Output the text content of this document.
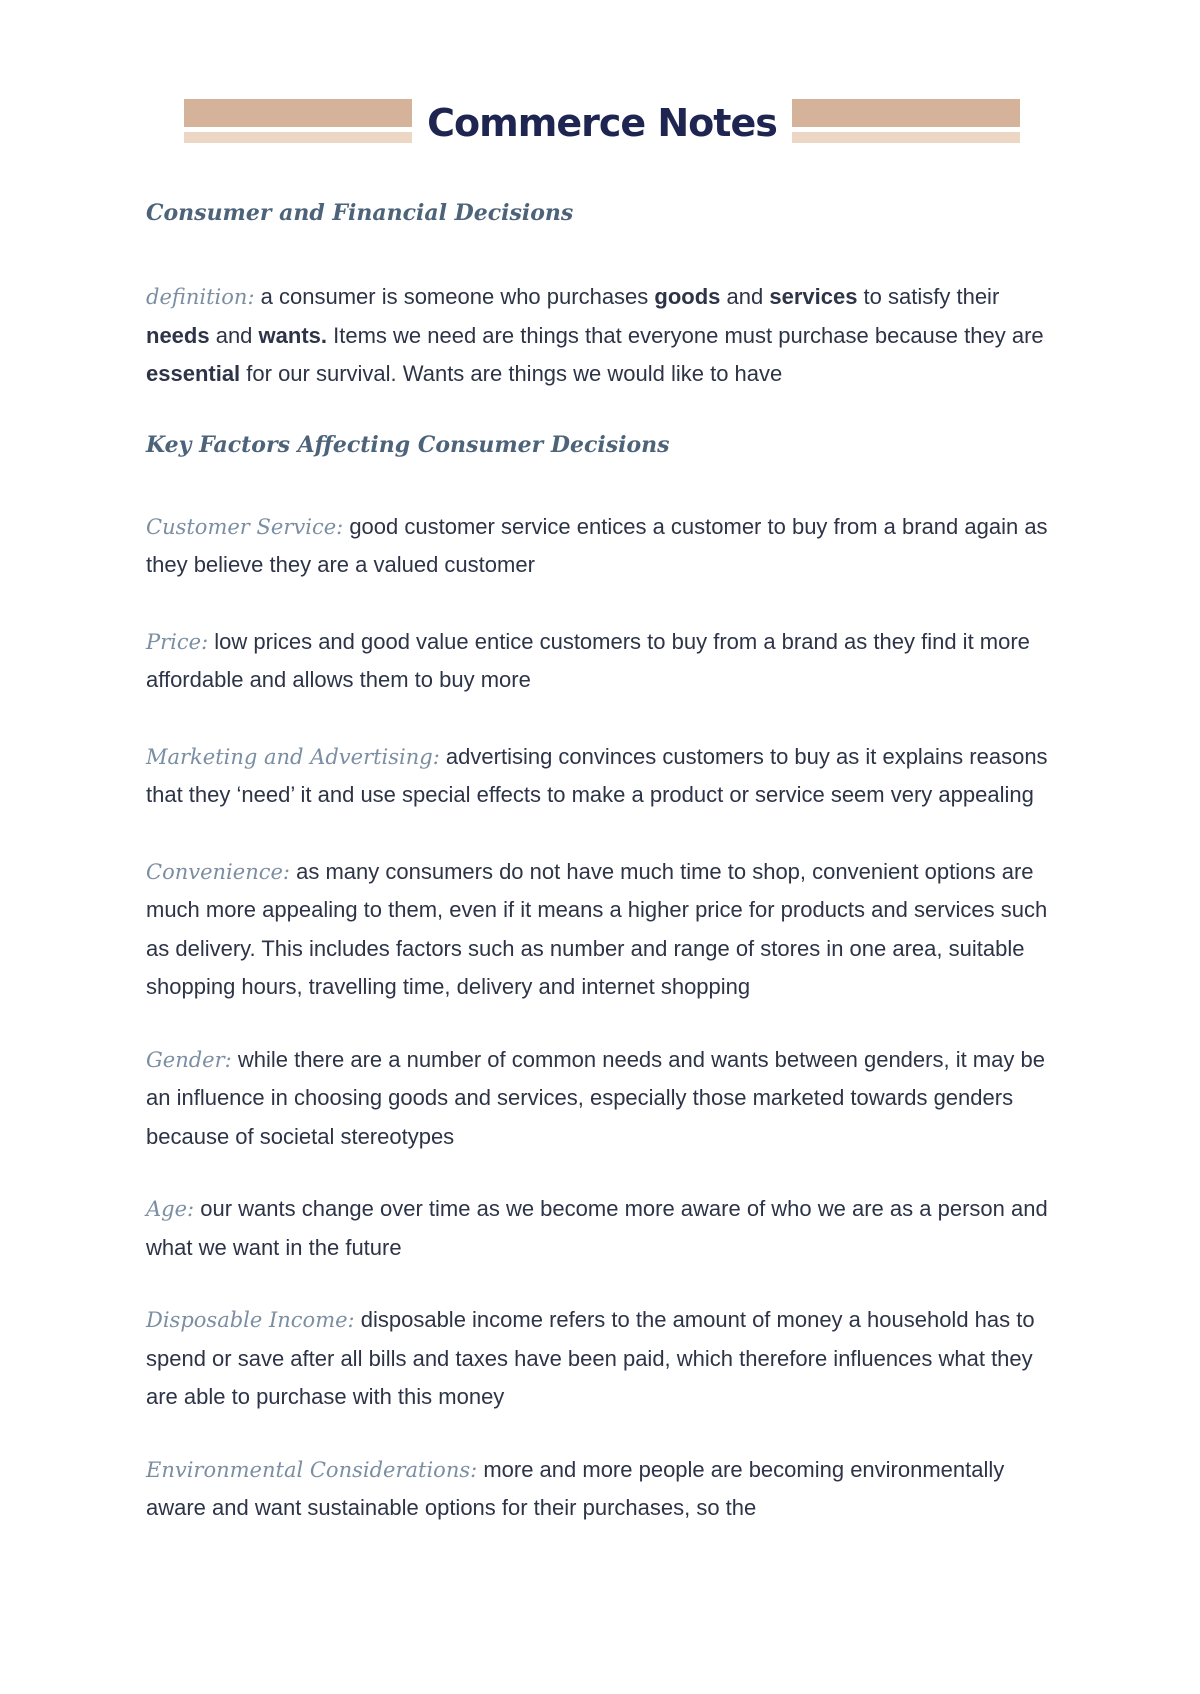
Commerce Notes

Consumer and Financial Decisions

definition: a consumer is someone who purchases goods and services to satisfy their needs and wants. Items we need are things that everyone must purchase because they are essential for our survival. Wants are things we would like to have

Key Factors Affecting Consumer Decisions

Customer Service: good customer service entices a customer to buy from a brand again as they believe they are a valued customer

Price: low prices and good value entice customers to buy from a brand as they find it more affordable and allows them to buy more

Marketing and Advertising: advertising convinces customers to buy as it explains reasons that they ‘need’ it and use special effects to make a product or service seem very appealing

Convenience: as many consumers do not have much time to shop, convenient options are much more appealing to them, even if it means a higher price for products and services such as delivery. This includes factors such as number and range of stores in one area, suitable shopping hours, travelling time, delivery and internet shopping

Gender: while there are a number of common needs and wants between genders, it may be an influence in choosing goods and services, especially those marketed towards genders because of societal stereotypes

Age: our wants change over time as we become more aware of who we are as a person and what we want in the future

Disposable Income: disposable income refers to the amount of money a household has to spend or save after all bills and taxes have been paid, which therefore influences what they are able to purchase with this money

Environmental Considerations: more and more people are becoming environmentally aware and want sustainable options for their purchases, so the
